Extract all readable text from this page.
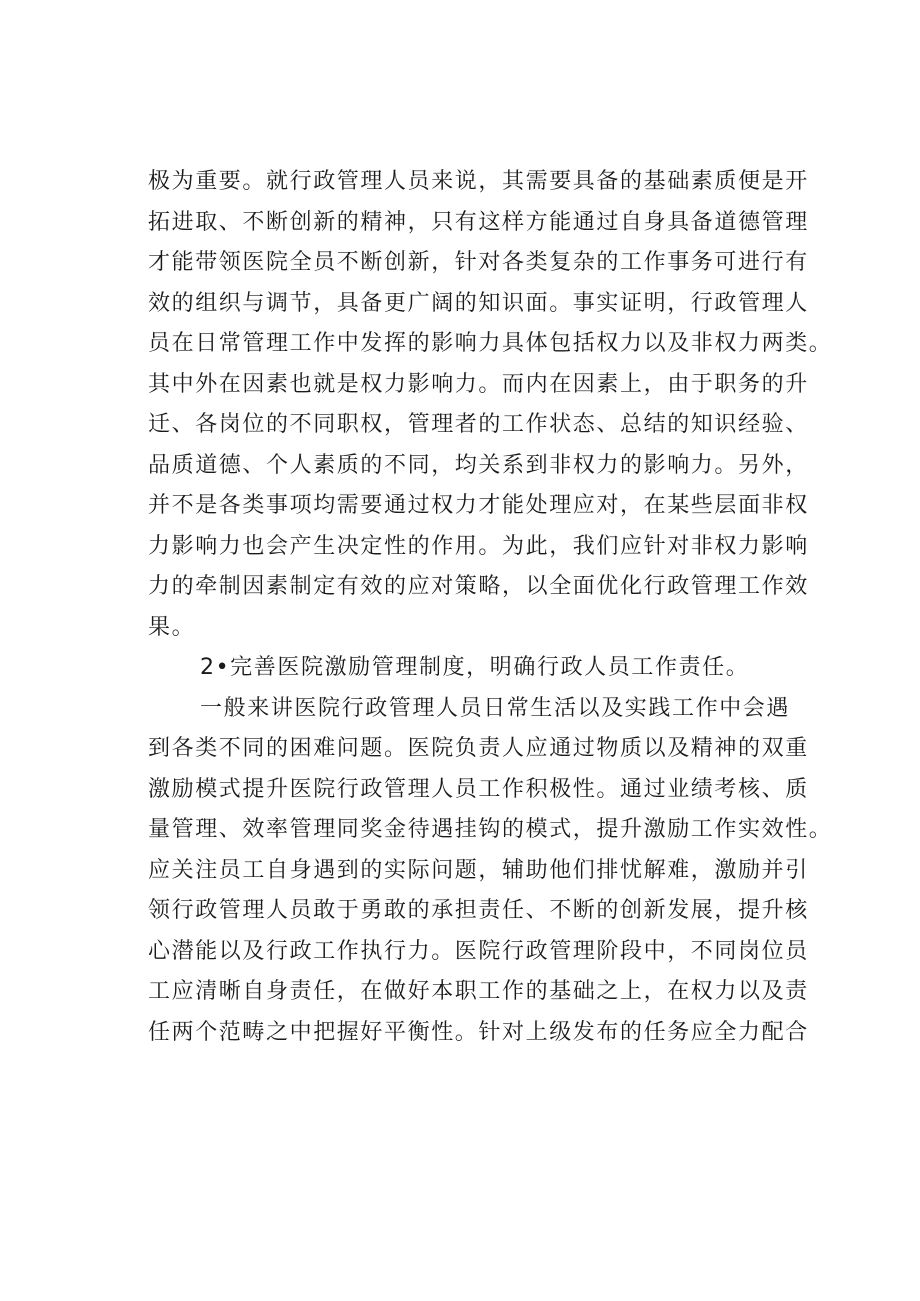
极为重要。就行政管理人员来说，其需要具备的基础素质便是开
拓进取、不断创新的精神，只有这样方能通过自身具备道德管理
才能带领医院全员不断创新，针对各类复杂的工作事务可进行有
效的组织与调节，具备更广阔的知识面。事实证明，行政管理人
员在日常管理工作中发挥的影响力具体包括权力以及非权力两类。
其中外在因素也就是权力影响力。而内在因素上，由于职务的升
迁、各岗位的不同职权，管理者的工作状态、总结的知识经验、
品质道德、个人素质的不同，均关系到非权力的影响力。另外，
并不是各类事项均需要通过权力才能处理应对，在某些层面非权
力影响力也会产生决定性的作用。为此，我们应针对非权力影响
力的牵制因素制定有效的应对策略，以全面优化行政管理工作效
果。
2•完善医院激励管理制度，明确行政人员工作责任。
一般来讲医院行政管理人员日常生活以及实践工作中会遇
到各类不同的困难问题。医院负责人应通过物质以及精神的双重
激励模式提升医院行政管理人员工作积极性。通过业绩考核、质
量管理、效率管理同奖金待遇挂钩的模式，提升激励工作实效性。
应关注员工自身遇到的实际问题，辅助他们排忧解难，激励并引
领行政管理人员敢于勇敢的承担责任、不断的创新发展，提升核
心潜能以及行政工作执行力。医院行政管理阶段中，不同岗位员
工应清晰自身责任，在做好本职工作的基础之上，在权力以及责
任两个范畴之中把握好平衡性。针对上级发布的任务应全力配合
